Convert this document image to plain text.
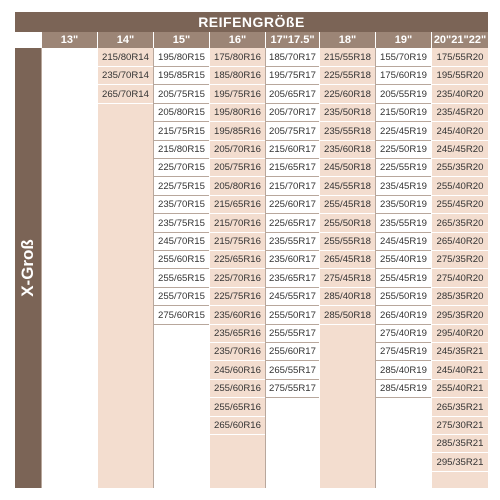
REIFENGRÖßE
X-Groß
13"	14"
215/80R14
235/70R14
265/70R14
15"
195/80R15
195/85R15
205/75R15
205/80R15
215/75R15
215/80R15
225/70R15
225/75R15
235/70R15
235/75R15
245/70R15
255/60R15
255/65R15
255/70R15
275/60R15
16"
175/80R16
185/80R16
195/75R16
195/80R16
195/85R16
205/70R16
205/75R16
205/80R16
215/65R16
215/70R16
215/75R16
225/65R16
225/70R16
225/75R16
235/60R16
235/65R16
235/70R16
245/60R16
255/60R16
255/65R16
265/60R16
17"17.5"
185/70R17
195/75R17
205/65R17
205/70R17
205/75R17
215/60R17
215/65R17
215/70R17
225/60R17
225/65R17
235/55R17
235/60R17
235/65R17
245/55R17
255/50R17
255/55R17
255/60R17
265/55R17
275/55R17
18"
215/55R18
225/55R18
225/60R18
235/50R18
235/55R18
235/60R18
245/50R18
245/55R18
255/45R18
255/50R18
255/55R18
265/45R18
275/45R18
285/40R18
285/50R18
19"
155/70R19
175/60R19
205/55R19
215/50R19
225/45R19
225/50R19
225/55R19
235/45R19
235/50R19
235/55R19
245/45R19
255/40R19
255/45R19
255/50R19
265/40R19
275/40R19
275/45R19
285/40R19
285/45R19
20"21"22"
175/55R20
195/55R20
235/40R20
235/45R20
245/40R20
245/45R20
255/35R20
255/40R20
255/45R20
265/35R20
265/40R20
275/35R20
275/40R20
285/35R20
295/35R20
295/40R20
245/35R21
245/40R21
255/40R21
265/35R21
275/30R21
285/35R21
295/35R21
